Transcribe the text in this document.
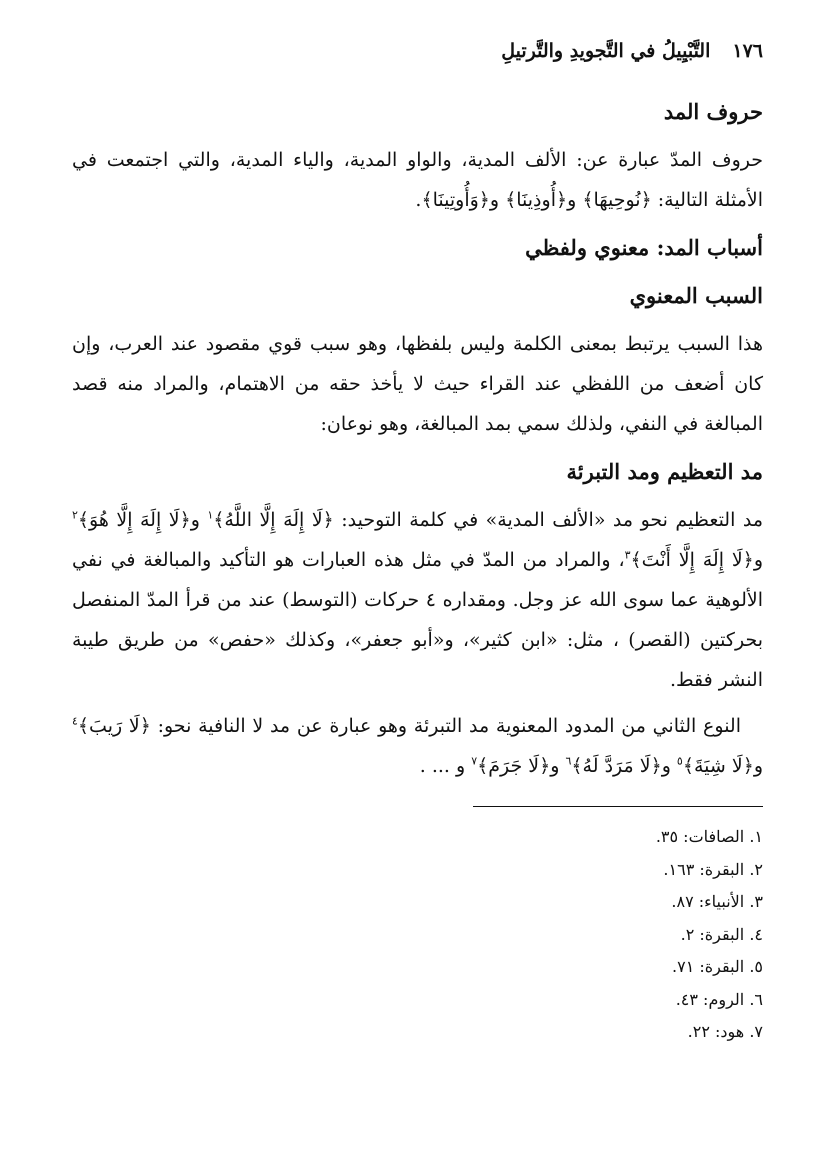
١٧٦
التَّبْيِيلُ في التَّجويدِ والتَّرتيلِ
حروف المد

حروف المدّ عبارة عن: الألف المدية، والواو المدية، والياء المدية، والتي اجتمعت في الأمثلة التالية: ﴿نُوحِيهَا﴾ و﴿أُوذِينَا﴾ و﴿وَأُوتِينَا﴾.

أسباب المد: معنوي ولفظي
السبب المعنوي

هذا السبب يرتبط بمعنى الكلمة وليس بلفظها، وهو سبب قوي مقصود عند العرب، وإن كان أضعف من اللفظي عند القراء حيث لا يأخذ حقه من الاهتمام، والمراد منه قصد المبالغة في النفي، ولذلك سمي بمد المبالغة، وهو نوعان:

مد التعظيم ومد التبرئة

مد التعظيم نحو مد «الألف المدية» في كلمة التوحيد: ﴿لَا إِلَهَ إِلَّا اللَّهُ﴾$^١$ و﴿لَا إِلَهَ إِلَّا هُوَ﴾$^٢$ و﴿لَا إِلَهَ إِلَّا أَنْتَ﴾$^٣$، والمراد من المدّ في مثل هذه العبارات هو التأكيد والمبالغة في نفي الألوهية عما سوى الله عز وجل. ومقداره ٤ حركات (التوسط) عند من قرأ المدّ المنفصل بحركتين (القصر) ، مثل: «ابن كثير»، و«أبو جعفر»، وكذلك «حفص» من طريق طيبة النشر فقط.

النوع الثاني من المدود المعنوية مد التبرئة وهو عبارة عن مد لا النافية نحو: ﴿لَا رَيبَ﴾$^٤$ و﴿لَا شِيَةَ﴾$^٥$ و﴿لَا مَرَدَّ لَهُ﴾$^٦$ و﴿لَا جَرَمَ﴾$^٧$ و ... .

١. الصافات: ٣٥.
٢. البقرة: ١٦٣.
٣. الأنبياء: ٨٧.
٤. البقرة: ٢.
٥. البقرة: ٧١.
٦. الروم: ٤٣.
٧. هود: ٢٢.
